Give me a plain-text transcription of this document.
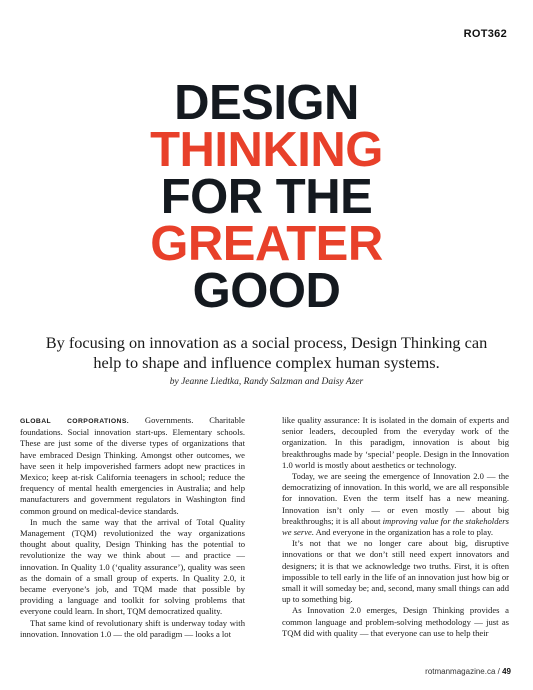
ROT362
DESIGN
THINKING
FOR THE
GREATER
GOOD

By focusing on innovation as a social process, Design Thinking can help to shape and influence complex human systems.

by Jeanne Liedtka, Randy Salzman and Daisy Azer

GLOBAL CORPORATIONS. Governments. Charitable foundations. Social innovation start-ups. Elementary schools. These are just some of the diverse types of organizations that have embraced Design Thinking. Amongst other outcomes, we have seen it help impoverished farmers adopt new practices in Mexico; keep at-risk California teenagers in school; reduce the frequency of mental health emergencies in Australia; and help manufacturers and government regulators in Washington find common ground on medical-device standards.

In much the same way that the arrival of Total Quality Management (TQM) revolutionized the way organizations thought about quality, Design Thinking has the potential to revolutionize the way we think about — and practice — innovation. In Quality 1.0 (‘quality assurance’), quality was seen as the domain of a small group of experts. In Quality 2.0, it became everyone’s job, and TQM made that possible by providing a language and toolkit for solving problems that everyone could learn. In short, TQM democratized quality.

That same kind of revolutionary shift is underway today with innovation. Innovation 1.0 — the old paradigm — looks a lot

like quality assurance: It is isolated in the domain of experts and senior leaders, decoupled from the everyday work of the organization. In this paradigm, innovation is about big breakthroughs made by ‘special’ people. Design in the Innovation 1.0 world is mostly about aesthetics or technology.

Today, we are seeing the emergence of Innovation 2.0 — the democratizing of innovation. In this world, we are all responsible for innovation. Even the term itself has a new meaning. Innovation isn’t only — or even mostly — about big breakthroughs; it is all about improving value for the stakeholders we serve. And everyone in the organization has a role to play.

It’s not that we no longer care about big, disruptive innovations or that we don’t still need expert innovators and designers; it is that we acknowledge two truths. First, it is often impossible to tell early in the life of an innovation just how big or small it will someday be; and, second, many small things can add up to something big.

As Innovation 2.0 emerges, Design Thinking provides a common language and problem-solving methodology — just as TQM did with quality — that everyone can use to help their

rotmanmagazine.ca / 49
